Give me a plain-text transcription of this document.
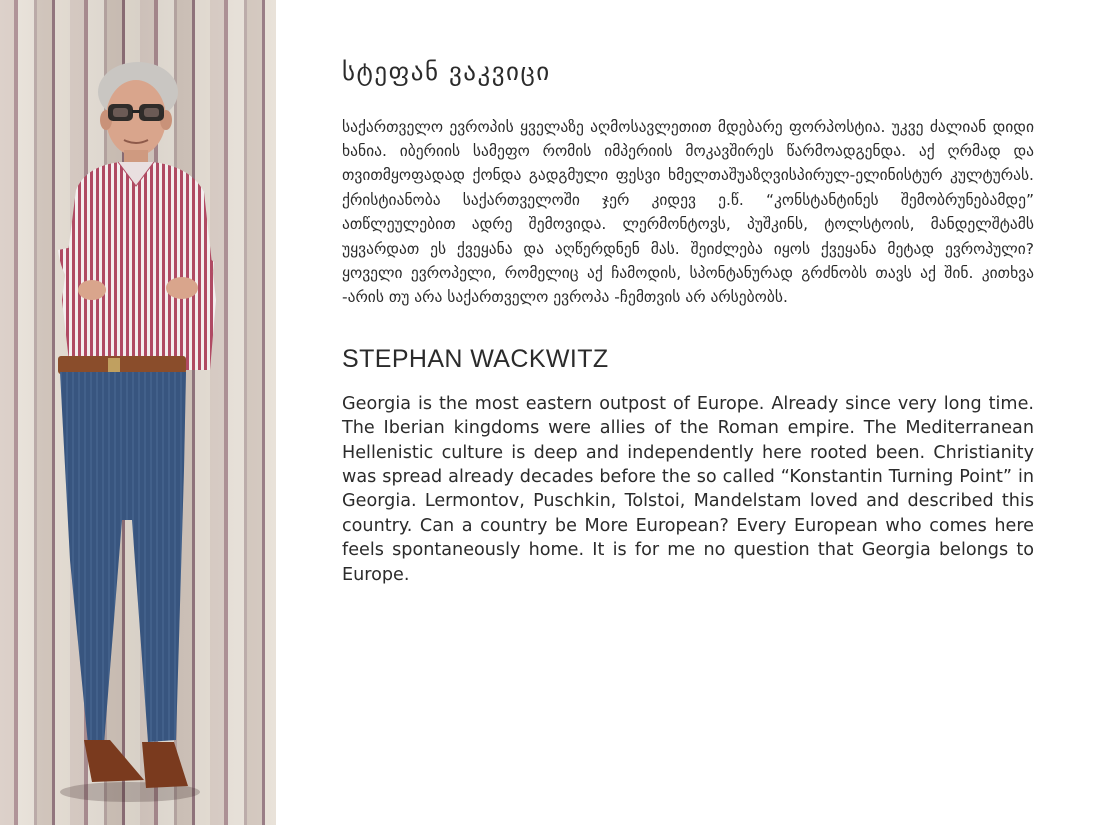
სტეფან ვაკვიცი

საქართველო ევროპის ყველაზე აღმოსავლეთით მდებარე ფორპოსტია. უკვე ძალიან დიდი ხანია. იბერიის სამეფო რომის იმპერიის მოკავშირეს წარმოადგენდა. აქ ღრმად და თვითმყოფადად ქონდა გადგმული ფესვი ხმელთაშუაზღვისპირულ-ელინისტურ კულტურას. ქრისტიანობა საქართველოში ჯერ კიდევ ე.წ. “კონსტანტინეს შემობრუნებამდე” ათწლეულებით ადრე შემოვიდა. ლერმონტოვს, პუშკინს, ტოლსტოის, მანდელშტამს უყვარდათ ეს ქვეყანა და აღწერდნენ მას. შეიძლება იყოს ქვეყანა მეტად ევროპული? ყოველი ევროპელი, რომელიც აქ ჩამოდის, სპონტანურად გრძნობს თავს აქ შინ. კითხვა -არის თუ არა საქართველო ევროპა -ჩემთვის არ არსებობს.

STEPHAN WACKWITZ

Georgia is the most eastern outpost of Europe. Already since very long time. The Iberian kingdoms were allies of the Roman empire. The Mediterranean Hellenistic culture is deep and independently here rooted been. Christianity was spread already decades before the so called “Konstantin Turning Point” in Georgia. Lermontov, Puschkin, Tolstoi, Mandelstam loved and described this country. Can a country be More European? Every European who comes here feels spontaneously home. It is for me no question that Georgia belongs to Europe.
